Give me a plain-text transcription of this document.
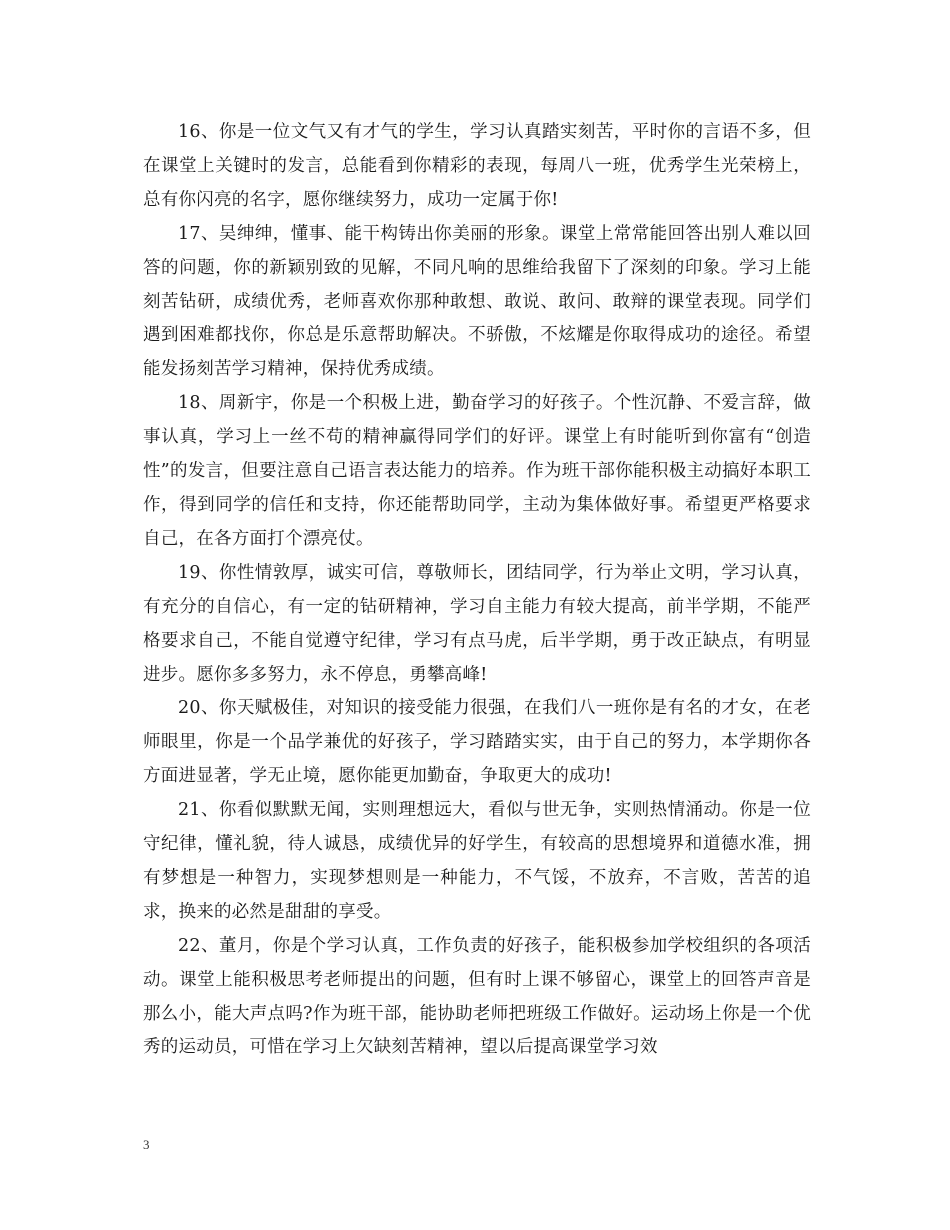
16、你是一位文气又有才气的学生，学习认真踏实刻苦，平时你的言语不多，但在课堂上关键时的发言，总能看到你精彩的表现，每周八一班，优秀学生光荣榜上，总有你闪亮的名字，愿你继续努力，成功一定属于你!

17、吴绅绅，懂事、能干构铸出你美丽的形象。课堂上常常能回答出别人难以回答的问题，你的新颖别致的见解，不同凡响的思维给我留下了深刻的印象。学习上能刻苦钻研，成绩优秀，老师喜欢你那种敢想、敢说、敢问、敢辩的课堂表现。同学们遇到困难都找你，你总是乐意帮助解决。不骄傲，不炫耀是你取得成功的途径。希望能发扬刻苦学习精神，保持优秀成绩。

18、周新宇，你是一个积极上进，勤奋学习的好孩子。个性沉静、不爱言辞，做事认真，学习上一丝不苟的精神赢得同学们的好评。课堂上有时能听到你富有“创造性”的发言，但要注意自己语言表达能力的培养。作为班干部你能积极主动搞好本职工作，得到同学的信任和支持，你还能帮助同学，主动为集体做好事。希望更严格要求自己，在各方面打个漂亮仗。

19、你性情敦厚，诚实可信，尊敬师长，团结同学，行为举止文明，学习认真，有充分的自信心，有一定的钻研精神，学习自主能力有较大提高，前半学期，不能严格要求自己，不能自觉遵守纪律，学习有点马虎，后半学期，勇于改正缺点，有明显进步。愿你多多努力，永不停息，勇攀高峰!

20、你天赋极佳，对知识的接受能力很强，在我们八一班你是有名的才女，在老师眼里，你是一个品学兼优的好孩子，学习踏踏实实，由于自己的努力，本学期你各方面进显著，学无止境，愿你能更加勤奋，争取更大的成功!

21、你看似默默无闻，实则理想远大，看似与世无争，实则热情涌动。你是一位守纪律，懂礼貌，待人诚恳，成绩优异的好学生，有较高的思想境界和道德水准，拥有梦想是一种智力，实现梦想则是一种能力，不气馁，不放弃，不言败，苦苦的追求，换来的必然是甜甜的享受。

22、董月，你是个学习认真，工作负责的好孩子，能积极参加学校组织的各项活动。课堂上能积极思考老师提出的问题，但有时上课不够留心，课堂上的回答声音是那么小，能大声点吗?作为班干部，能协助老师把班级工作做好。运动场上你是一个优秀的运动员，可惜在学习上欠缺刻苦精神，望以后提高课堂学习效

3
